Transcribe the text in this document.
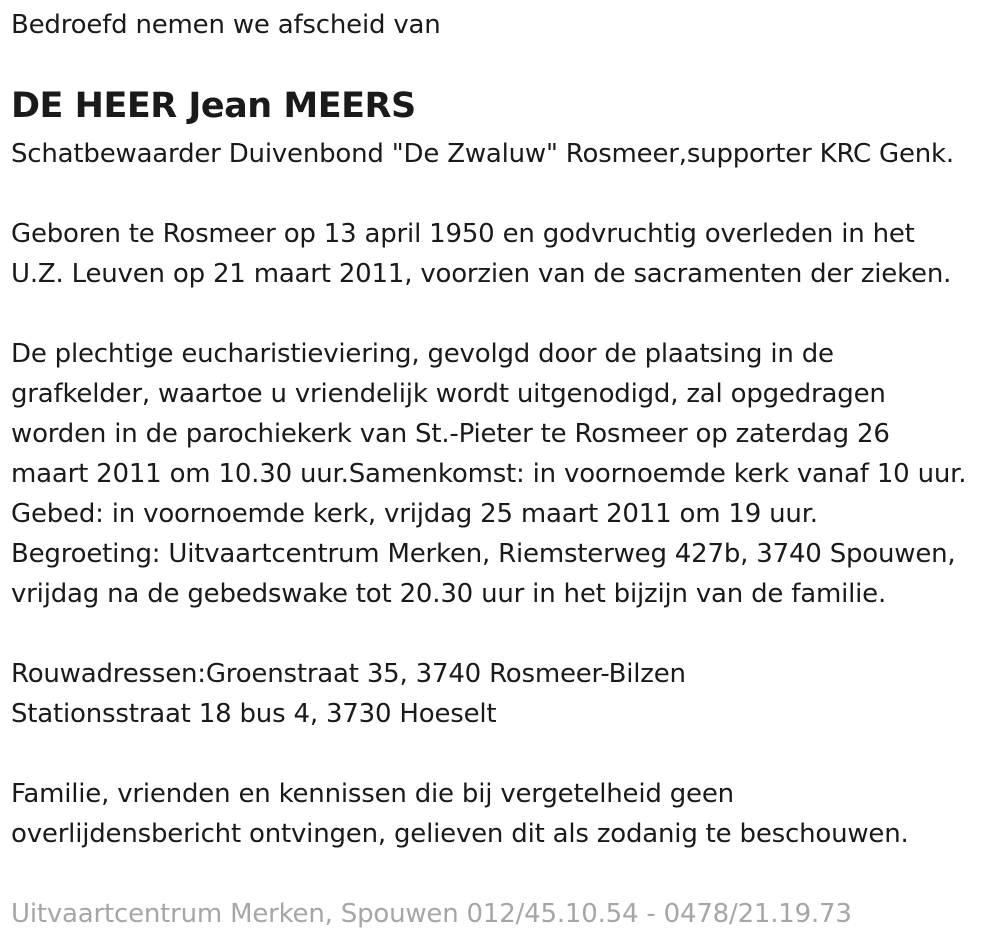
Bedroefd nemen we afscheid van
DE HEER Jean MEERS
Schatbewaarder Duivenbond "De Zwaluw" Rosmeer,supporter KRC Genk.
Geboren te Rosmeer op 13 april 1950 en godvruchtig overleden in het
U.Z. Leuven op 21 maart 2011, voorzien van de sacramenten der zieken.
De plechtige eucharistieviering, gevolgd door de plaatsing in de
grafkelder, waartoe u vriendelijk wordt uitgenodigd, zal opgedragen
worden in de parochiekerk van St.-Pieter te Rosmeer op zaterdag 26
maart 2011 om 10.30 uur.Samenkomst: in voornoemde kerk vanaf 10 uur.
Gebed: in voornoemde kerk, vrijdag 25 maart 2011 om 19 uur.
Begroeting: Uitvaartcentrum Merken, Riemsterweg 427b, 3740 Spouwen,
vrijdag na de gebedswake tot 20.30 uur in het bijzijn van de familie.
Rouwadressen:Groenstraat 35, 3740 Rosmeer-Bilzen
Stationsstraat 18 bus 4, 3730 Hoeselt
Familie, vrienden en kennissen die bij vergetelheid geen
overlijdensbericht ontvingen, gelieven dit als zodanig te beschouwen.
Uitvaartcentrum Merken, Spouwen 012/45.10.54 - 0478/21.19.73
